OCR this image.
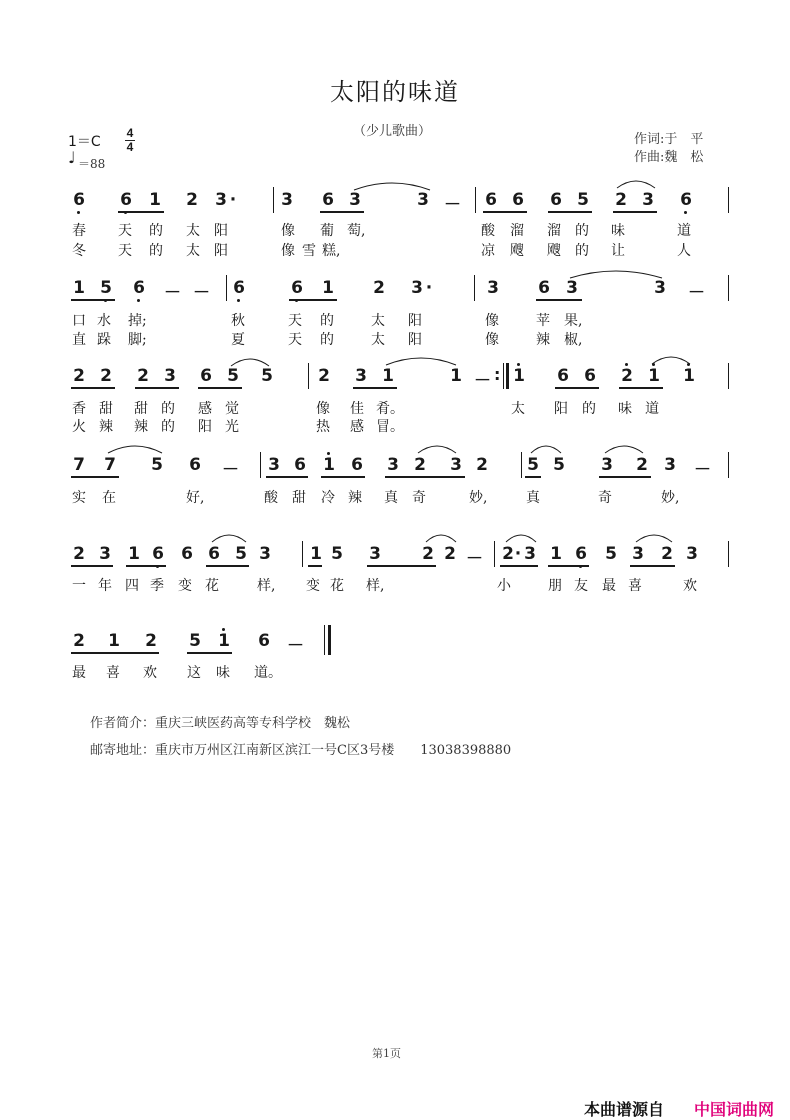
太阳的味道
（少儿歌曲）
1＝C
4
4
♩ ＝88
作词:于　平
作曲:魏　松
6 6 1 2 3 ·	3 6 3	3 － 6 6 6 5 2 3 6
春 天 的 太 阳	像 葡 萄,	酸 溜 溜 的 味	道
冬 天 的 太 阳	像 雪 糕,	凉 飕 飕 的 让	人
1 5 6 － － 6	6 1 2 3 ·	3 6 3	3 －
口 水 掉;	秋	天 的	太 阳	像	苹 果,
直 跺 脚;	夏	天 的	太 阳	像	辣 椒,
2 2 2 3 6 5 5	2 3 1	1 － : 1 6 6 2 1 1
香 甜 甜 的 感 觉	像 佳 肴。	太 阳 的 味 道
火 辣 辣 的 阳 光	热 感 冒。
7 7 5 6 － 3 6 1 6 3 2 3 2 5 5 3 2 3 －
实 在	好,	酸 甜 冷 辣 真 奇	妙,	真	奇	妙,
2 3 1 6 6 6 5 3 1 5 3 2 2 － 2 · 3 1 6 5 3 2 3
一 年 四 季 变 花	样, 变 花 样,	小	朋 友 最 喜	欢
2 1 2 5 1 6 －
最 喜 欢 这 味 道。
作者简介：重庆三峡医药高等专科学校　魏松
邮寄地址：重庆市万州区江南新区滨江一号C区3号楼　　13038398880
第1页
本曲谱源自 中国词曲网
